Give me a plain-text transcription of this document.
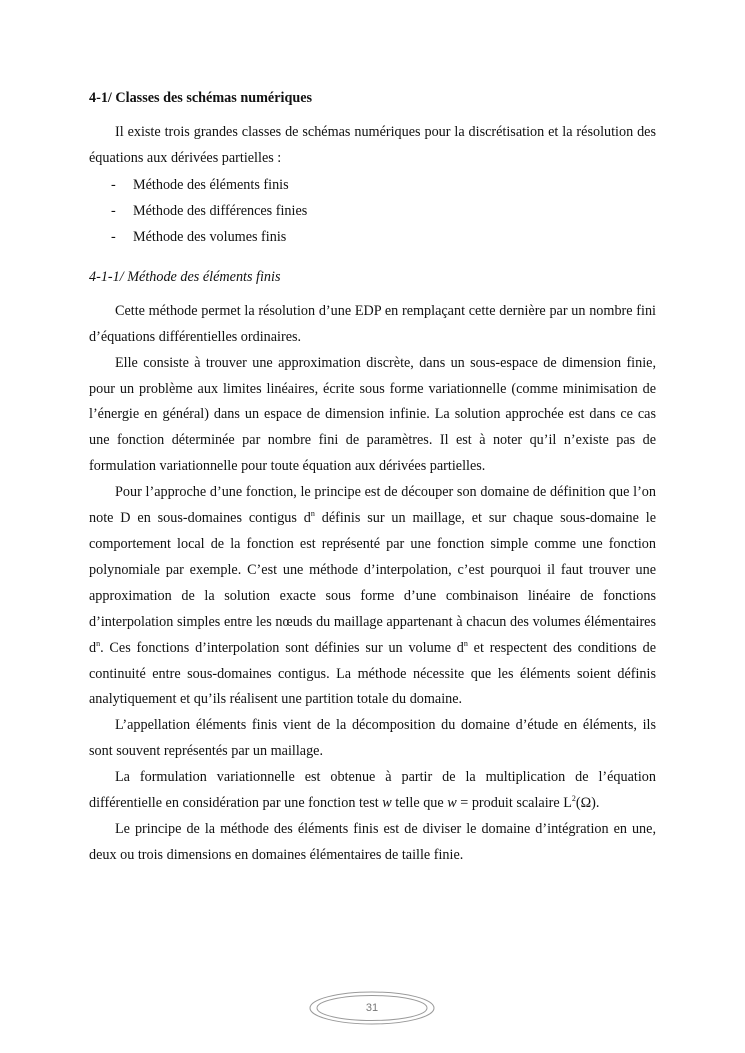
4-1/ Classes des schémas numériques

Il existe trois grandes classes de schémas numériques pour la discrétisation et la résolution des équations aux dérivées partielles :

- Méthode des éléments finis
- Méthode des différences finies
- Méthode des volumes finis
4-1-1/ Méthode des éléments finis

Cette méthode permet la résolution d’une EDP en remplaçant cette dernière par un nombre fini d’équations différentielles ordinaires.

Elle consiste à trouver une approximation discrète, dans un sous-espace de dimension finie, pour un problème aux limites linéaires, écrite sous forme variationnelle (comme minimisation de l’énergie en général) dans un espace de dimension infinie. La solution approchée est dans ce cas une fonction déterminée par nombre fini de paramètres. Il est à noter qu’il n’existe pas de formulation variationnelle pour toute équation aux dérivées partielles.

Pour l’approche d’une fonction, le principe est de découper son domaine de définition que l’on note D en sous-domaines contigus $d^n$ définis sur un maillage, et sur chaque sous-domaine le comportement local de la fonction est représenté par une fonction simple comme une fonction polynomiale par exemple. C’est une méthode d’interpolation, c’est pourquoi il faut trouver une approximation de la solution exacte sous forme d’une combinaison linéaire de fonctions d’interpolation simples entre les nœuds du maillage appartenant à chacun des volumes élémentaires $d^n$. Ces fonctions d’interpolation sont définies sur un volume $d^n$ et respectent des conditions de continuité entre sous-domaines contigus. La méthode nécessite que les éléments soient définis analytiquement et qu’ils réalisent une partition totale du domaine.

L’appellation éléments finis vient de la décomposition du domaine d’étude en éléments, ils sont souvent représentés par un maillage.

La formulation variationnelle est obtenue à partir de la multiplication de l’équation différentielle en considération par une fonction test w telle que w = produit scalaire $L^2(\Omega)$.

Le principe de la méthode des éléments finis est de diviser le domaine d’intégration en une, deux ou trois dimensions en domaines élémentaires de taille finie.

31
